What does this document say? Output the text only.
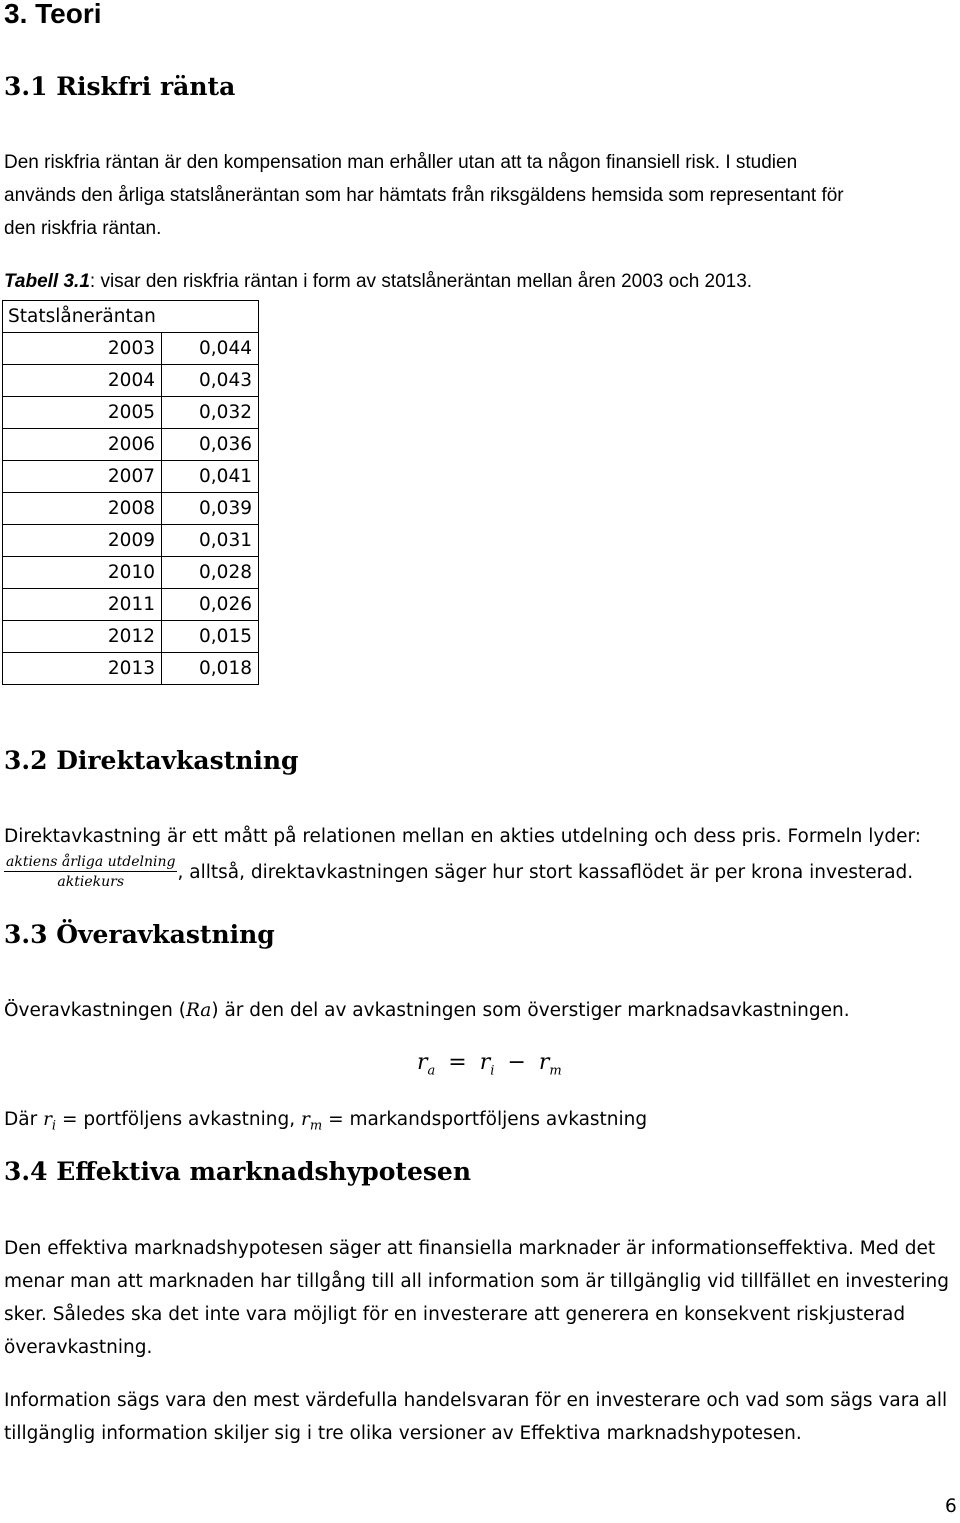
3. Teori
3.1 Riskfri ränta
Den riskfria räntan är den kompensation man erhåller utan att ta någon finansiell risk. I studien
används den årliga statslåneräntan som har hämtats från riksgäldens hemsida som representant för
den riskfria räntan.
Tabell 3.1: visar den riskfria räntan i form av statslåneräntan mellan åren 2003 och 2013.
Statslåneräntan	
2003	0,044
2004	0,043
2005	0,032
2006	0,036
2007	0,041
2008	0,039
2009	0,031
2010	0,028
2011	0,026
2012	0,015
2013	0,018
3.2 Direktavkastning
Direktavkastning är ett mått på relationen mellan en akties utdelning och dess pris. Formeln lyder:
$\frac{\text{aktiens årliga utdelning}}{\text{aktiekurs}}$ , alltså, direktavkastningen säger hur stort kassaflödet är per krona investerad.
3.3 Överavkastning
Överavkastningen (Ra) är den del av avkastningen som överstiger marknadsavkastningen.
$r_a = r_i - r_m$
Där $r_i$ = portföljens avkastning, $r_m$ = markandsportföljens avkastning
3.4 Effektiva marknadshypotesen
Den effektiva marknadshypotesen säger att finansiella marknader är informationseffektiva. Med det
menar man att marknaden har tillgång till all information som är tillgänglig vid tillfället en investering
sker. Således ska det inte vara möjligt för en investerare att generera en konsekvent riskjusterad
överavkastning.
Information sägs vara den mest värdefulla handelsvaran för en investerare och vad som sägs vara all
tillgänglig information skiljer sig i tre olika versioner av Effektiva marknadshypotesen.
6
